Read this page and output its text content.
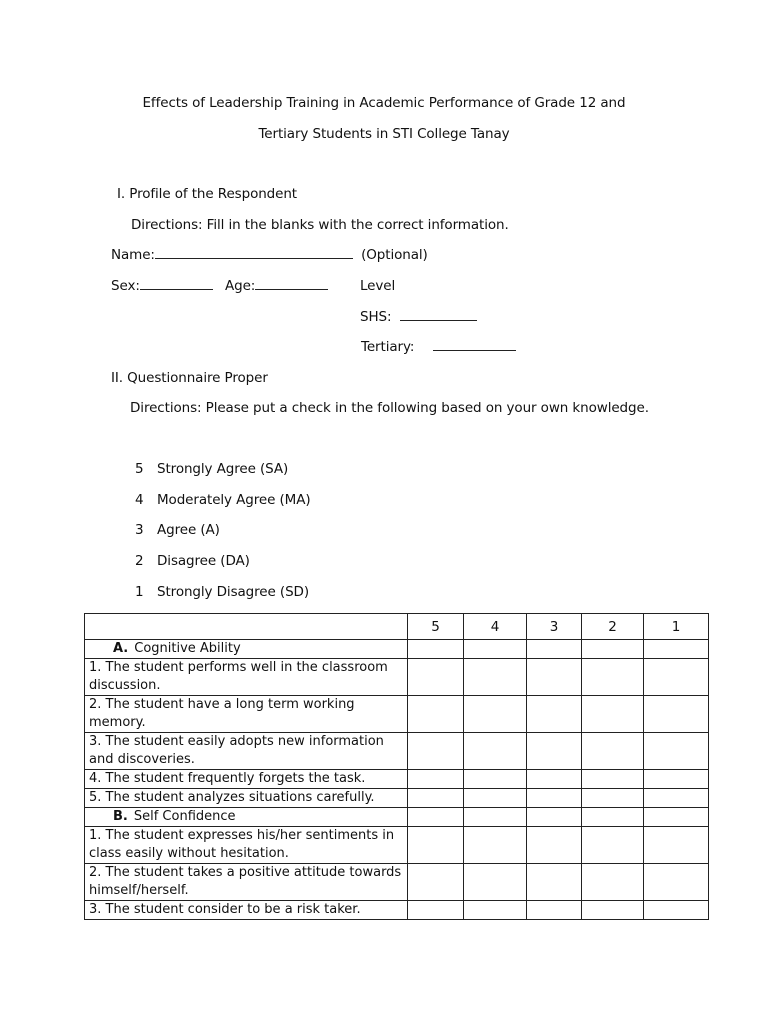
Effects of Leadership Training in Academic Performance of Grade 12 and
Tertiary Students in STI College Tanay
I. Profile of the Respondent
Directions: Fill in the blanks with the correct information.
Name:	(Optional)
Sex:	Age:	Level
SHS:
Tertiary:
II. Questionnaire Proper
Directions: Please put a check in the following based on your own knowledge.
5 Strongly Agree (SA)
4 Moderately Agree (MA)
3 Agree (A)
2 Disagree (DA)
1 Strongly Disagree (SD)
	5	4	3	2	1
A. Cognitive Ability					
1. The student performs well in the classroom discussion.					
2. The student have a long term working memory.					
3. The student easily adopts new information and discoveries.					
4. The student frequently forgets the task.					
5. The student analyzes situations carefully.					
B. Self Confidence					
1. The student expresses his/her sentiments in class easily without hesitation.					
2. The student takes a positive attitude towards himself/herself.					
3. The student consider to be a risk taker.					
